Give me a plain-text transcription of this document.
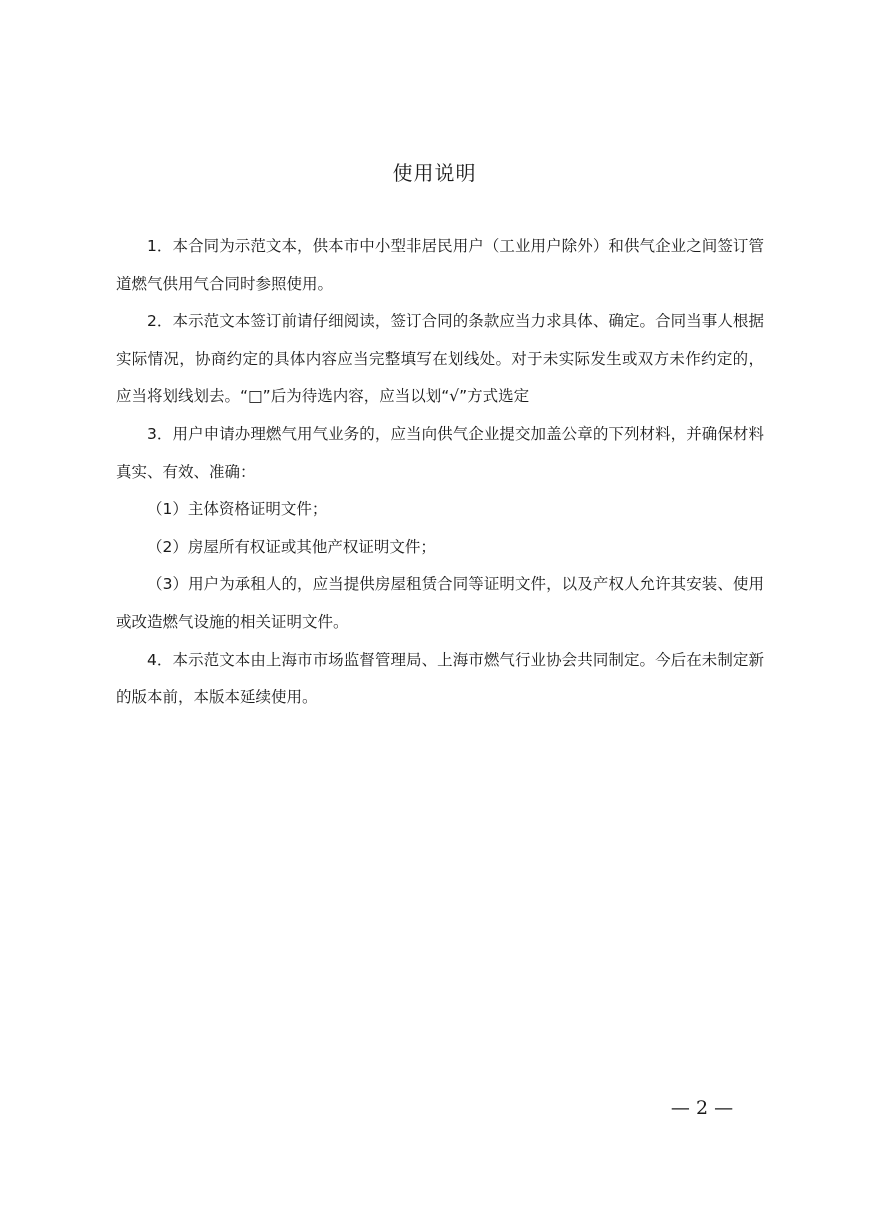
使用说明

1．本合同为示范文本，供本市中小型非居民用户（工业用户除外）和供气企业之间签订管道燃气供用气合同时参照使用。

2．本示范文本签订前请仔细阅读，签订合同的条款应当力求具体、确定。合同当事人根据实际情况，协商约定的具体内容应当完整填写在划线处。对于未实际发生或双方未作约定的，应当将划线划去。“□”后为待选内容，应当以划“√”方式选定

3．用户申请办理燃气用气业务的，应当向供气企业提交加盖公章的下列材料，并确保材料真实、有效、准确：

（1）主体资格证明文件；

（2）房屋所有权证或其他产权证明文件；

（3）用户为承租人的，应当提供房屋租赁合同等证明文件，以及产权人允许其安装、使用或改造燃气设施的相关证明文件。

4．本示范文本由上海市市场监督管理局、上海市燃气行业协会共同制定。今后在未制定新的版本前，本版本延续使用。

— 2 —
